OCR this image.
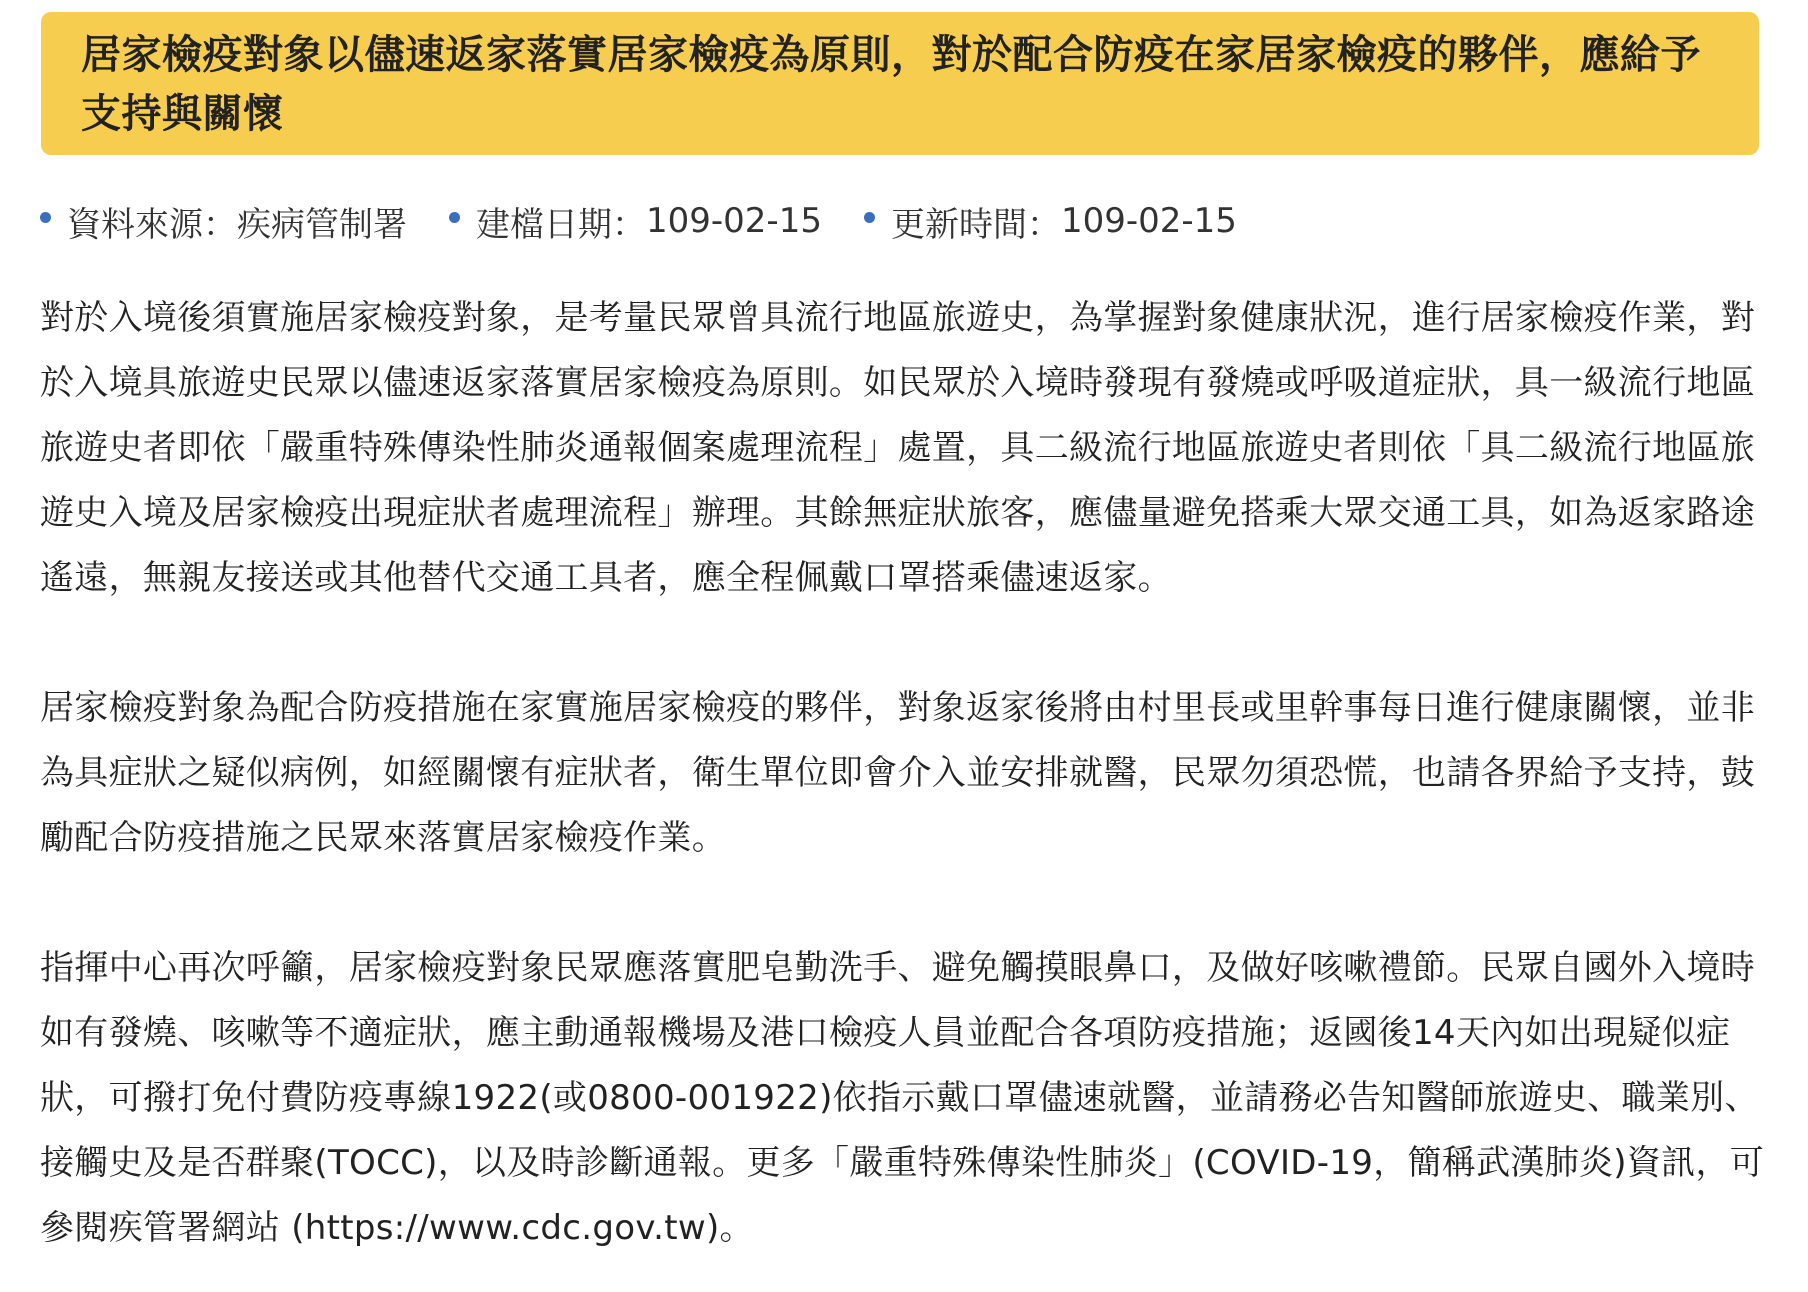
居家檢疫對象以儘速返家落實居家檢疫為原則，對於配合防疫在家居家檢疫的夥伴，應給予支持與關懷
資料來源： 疾病管制署 建檔日期： 109-02-15 更新時間： 109-02-15

對於入境後須實施居家檢疫對象，是考量民眾曾具流行地區旅遊史，為掌握對象健康狀況，進行居家檢疫作業，對於入境具旅遊史民眾以儘速返家落實居家檢疫為原則。如民眾於入境時發現有發燒或呼吸道症狀，具一級流行地區旅遊史者即依「嚴重特殊傳染性肺炎通報個案處理流程」處置，具二級流行地區旅遊史者則依「具二級流行地區旅遊史入境及居家檢疫出現症狀者處理流程」辦理。其餘無症狀旅客，應儘量避免搭乘大眾交通工具，如為返家路途遙遠，無親友接送或其他替代交通工具者，應全程佩戴口罩搭乘儘速返家。

居家檢疫對象為配合防疫措施在家實施居家檢疫的夥伴，對象返家後將由村里長或里幹事每日進行健康關懷，並非為具症狀之疑似病例，如經關懷有症狀者，衛生單位即會介入並安排就醫，民眾勿須恐慌，也請各界給予支持，鼓勵配合防疫措施之民眾來落實居家檢疫作業。

指揮中心再次呼籲，居家檢疫對象民眾應落實肥皂勤洗手、避免觸摸眼鼻口，及做好咳嗽禮節。民眾自國外入境時如有發燒、咳嗽等不適症狀，應主動通報機場及港口檢疫人員並配合各項防疫措施；返國後14天內如出現疑似症狀，可撥打免付費防疫專線1922(或0800-001922)依指示戴口罩儘速就醫，並請務必告知醫師旅遊史、職業別、接觸史及是否群聚(TOCC)，以及時診斷通報。更多「嚴重特殊傳染性肺炎」(COVID-19，簡稱武漢肺炎)資訊，可參閱疾管署網站 (https://www.cdc.gov.tw)。
